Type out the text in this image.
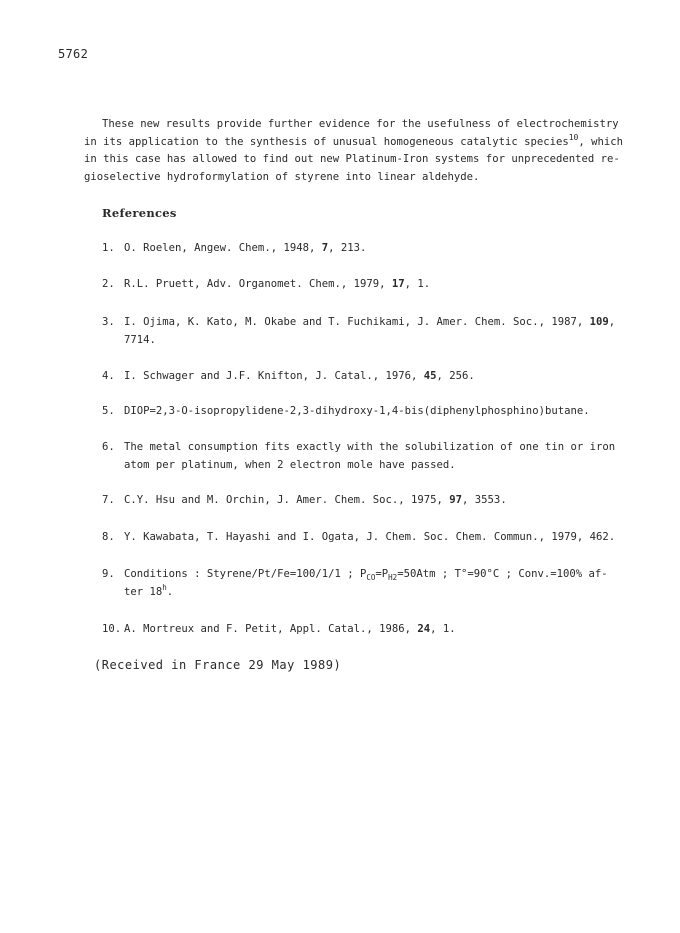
5762
These new results provide further evidence for the usefulness of electrochemistry
in its application to the synthesis of unusual homogeneous catalytic species$^{10}$, which
in this case has allowed to find out new Platinum-Iron systems for unprecedented re-
gioselective hydroformylation of styrene into linear aldehyde.
References
1. O. Roelen, Angew. Chem., 1948, 7, 213.
2. R.L. Pruett, Adv. Organomet. Chem., 1979, 17, 1.
3. I. Ojima, K. Kato, M. Okabe and T. Fuchikami, J. Amer. Chem. Soc., 1987, 109,
7714.
4. I. Schwager and J.F. Knifton, J. Catal., 1976, 45, 256.
5. DIOP=2,3-O-isopropylidene-2,3-dihydroxy-1,4-bis(diphenylphosphino)butane.
6. The metal consumption fits exactly with the solubilization of one tin or iron
atom per platinum, when 2 electron mole have passed.
7. C.Y. Hsu and M. Orchin, J. Amer. Chem. Soc., 1975, 97, 3553.
8. Y. Kawabata, T. Hayashi and I. Ogata, J. Chem. Soc. Chem. Commun., 1979, 462.
9. Conditions : Styrene/Pt/Fe=100/1/1 ; $P_{CO}=P_{H2}=50Atm$ ; T°=90°C ; Conv.=100% af-
ter 18$^h$.
10. A. Mortreux and F. Petit, Appl. Catal., 1986, 24, 1.
(Received in France 29 May 1989)
